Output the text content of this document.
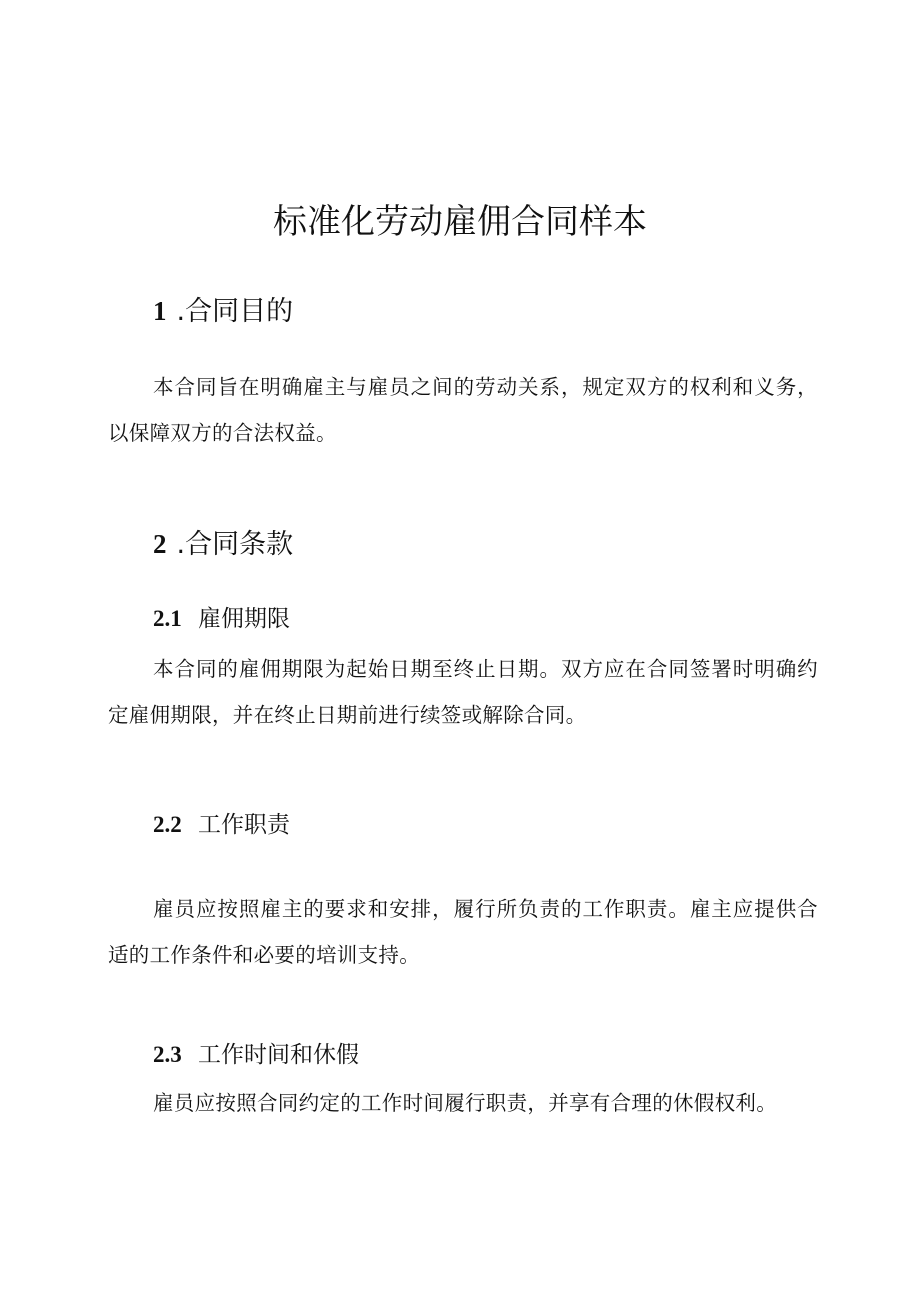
标准化劳动雇佣合同样本
1 .合同目的

本合同旨在明确雇主与雇员之间的劳动关系，规定双方的权利和义务，以保障双方的合法权益。

2 .合同条款
2.1 雇佣期限

本合同的雇佣期限为起始日期至终止日期。双方应在合同签署时明确约定雇佣期限，并在终止日期前进行续签或解除合同。

2.2 工作职责

雇员应按照雇主的要求和安排，履行所负责的工作职责。雇主应提供合适的工作条件和必要的培训支持。

2.3 工作时间和休假

雇员应按照合同约定的工作时间履行职责，并享有合理的休假权利。
